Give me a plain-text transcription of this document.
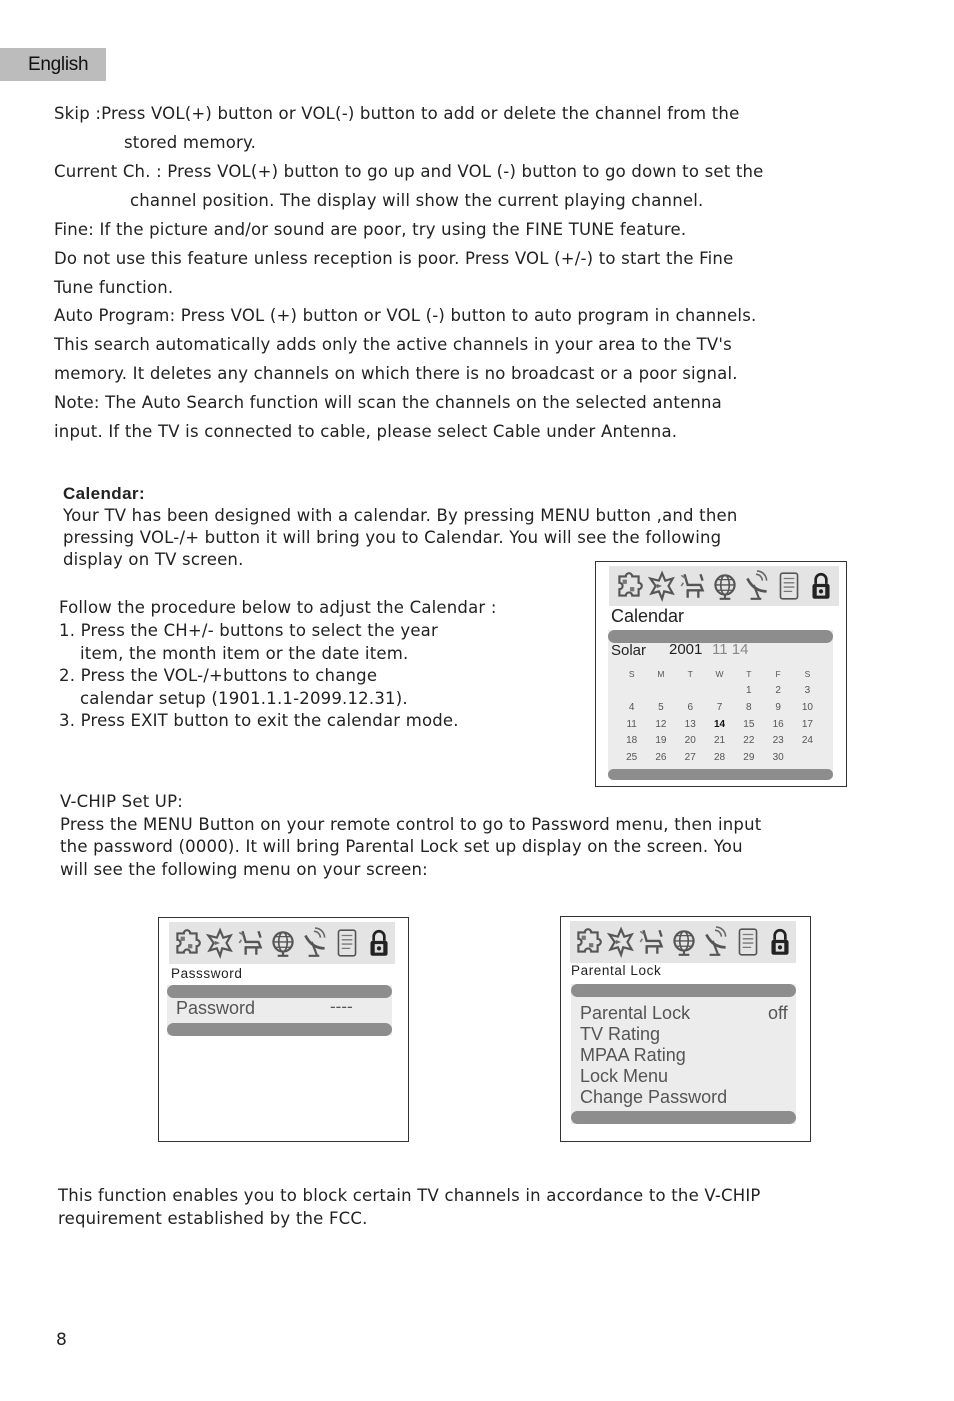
English
Skip :Press VOL(+) button or VOL(-) button to add or delete the channel from the
stored memory.
Current Ch. : Press VOL(+) button to go up and VOL (-) button to go down to set the
channel position. The display will show the current playing channel.
Fine: If the picture and/or sound are poor, try using the FINE TUNE feature.
Do not use this feature unless reception is poor. Press VOL (+/-) to start the Fine
Tune function.
Auto Program: Press VOL (+) button or VOL (-) button to auto program in channels.
This search automatically adds only the active channels in your area to the TV's
memory. It deletes any channels on which there is no broadcast or a poor signal.
Note: The Auto Search function will scan the channels on the selected antenna
input. If the TV is connected to cable, please select Cable under Antenna.
Calendar:
Your TV has been designed with a calendar. By pressing MENU button ,and then
pressing VOL-/+ button it will bring you to Calendar. You will see the following
display on TV screen.
Follow the procedure below to adjust the Calendar :
1. Press the CH+/- buttons to select the year
item, the month item or the date item.
2. Press the VOL-/+buttons to change
calendar setup (1901.1.1-2099.12.31).
3. Press EXIT button to exit the calendar mode.
Calendar
Solar 2001 11 14
S	M	T	W	T	F	S
				1	2	3
4	5	6	7	8	9	10
11	12	13	14	15	16	17
18	19	20	21	22	23	24
25	26	27	28	29	30	
V-CHIP Set UP:
Press the MENU Button on your remote control to go to Password menu, then input
the password (0000). It will bring Parental Lock set up display on the screen. You
will see the following menu on your screen:
Passsword
Password	----
Parental Lock
Parental Lock	off
TV Rating
MPAA Rating
Lock Menu
Change Password
This function enables you to block certain TV channels in accordance to the V-CHIP
requirement established by the FCC.
8
